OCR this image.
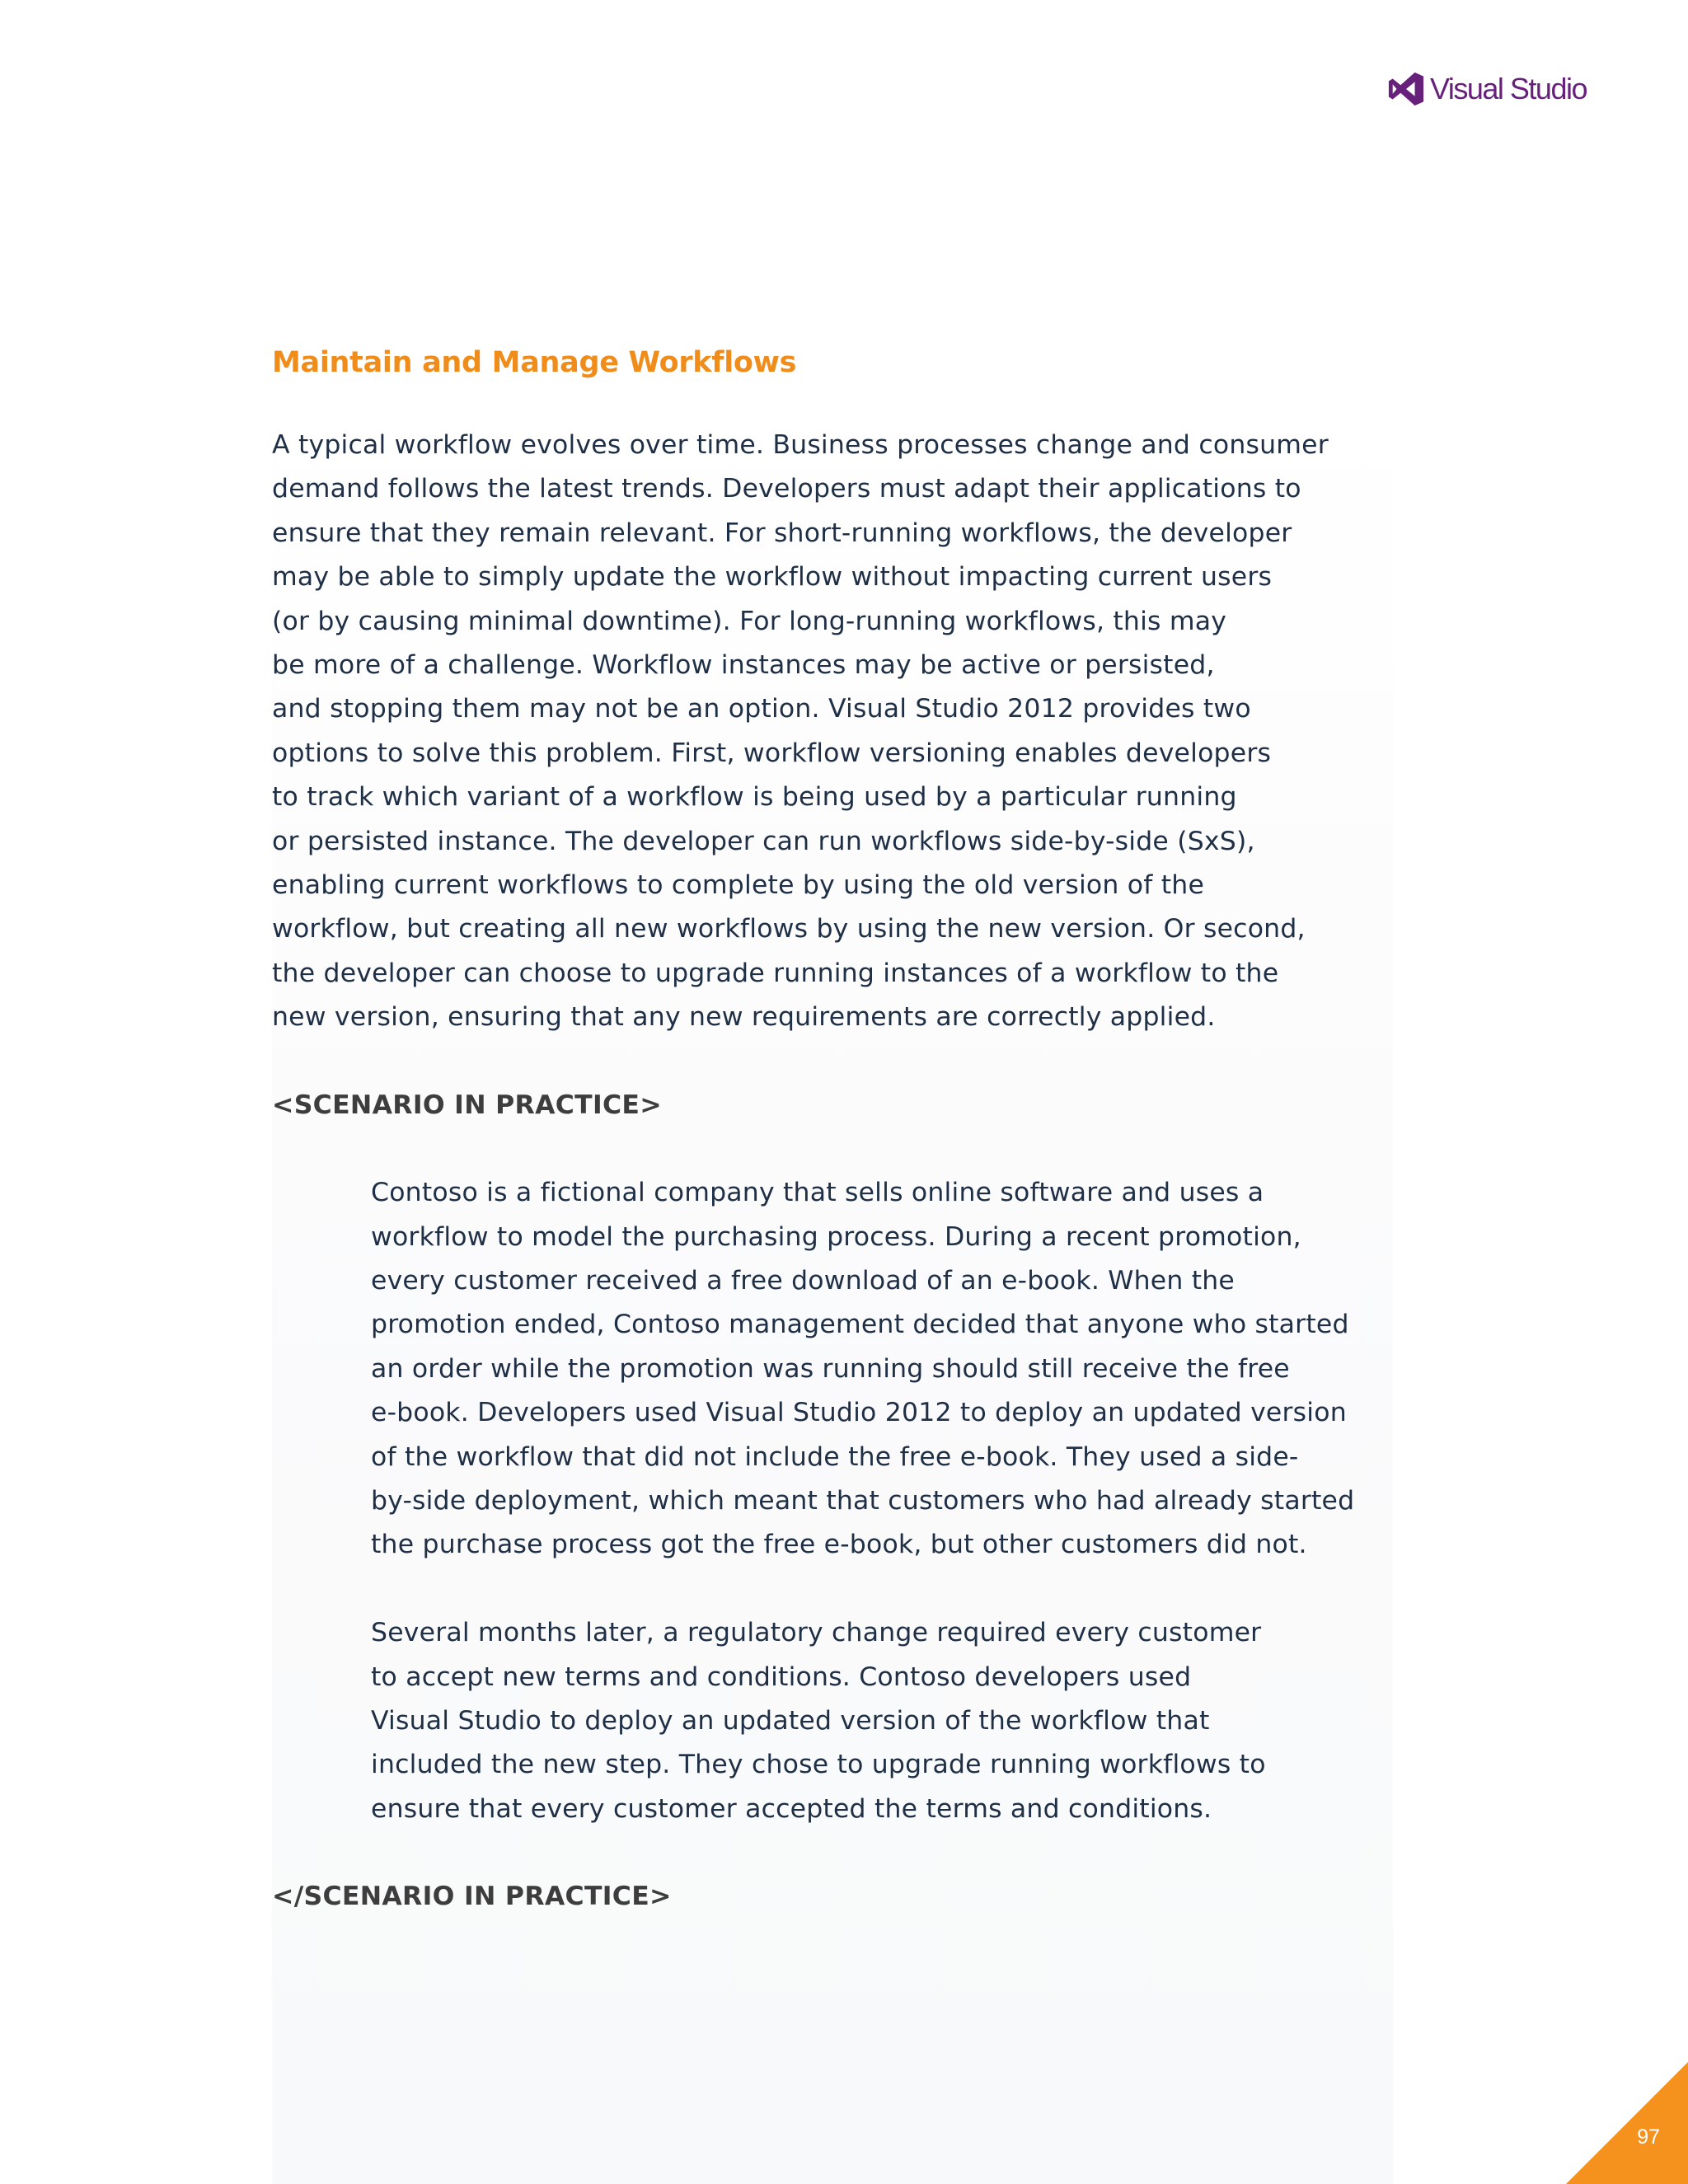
Visual Studio
Maintain and Manage Workflows

A typical workflow evolves over time. Business processes change and consumer
demand follows the latest trends. Developers must adapt their applications to
ensure that they remain relevant. For short-running workflows, the developer
may be able to simply update the workflow without impacting current users
(or by causing minimal downtime). For long-running workflows, this may
be more of a challenge. Workflow instances may be active or persisted,
and stopping them may not be an option. Visual Studio 2012 provides two
options to solve this problem. First, workflow versioning enables developers
to track which variant of a workflow is being used by a particular running
or persisted instance. The developer can run workflows side-by-side (SxS),
enabling current workflows to complete by using the old version of the
workflow, but creating all new workflows by using the new version. Or second,
the developer can choose to upgrade running instances of a workflow to the
new version, ensuring that any new requirements are correctly applied.

<SCENARIO IN PRACTICE>

Contoso is a fictional company that sells online software and uses a
workflow to model the purchasing process. During a recent promotion,
every customer received a free download of an e-book. When the
promotion ended, Contoso management decided that anyone who started
an order while the promotion was running should still receive the free
e-book. Developers used Visual Studio 2012 to deploy an updated version
of the workflow that did not include the free e-book. They used a side-
by-side deployment, which meant that customers who had already started
the purchase process got the free e-book, but other customers did not.

Several months later, a regulatory change required every customer
to accept new terms and conditions. Contoso developers used
Visual Studio to deploy an updated version of the workflow that
included the new step. They chose to upgrade running workflows to
ensure that every customer accepted the terms and conditions.

</SCENARIO IN PRACTICE>
97
